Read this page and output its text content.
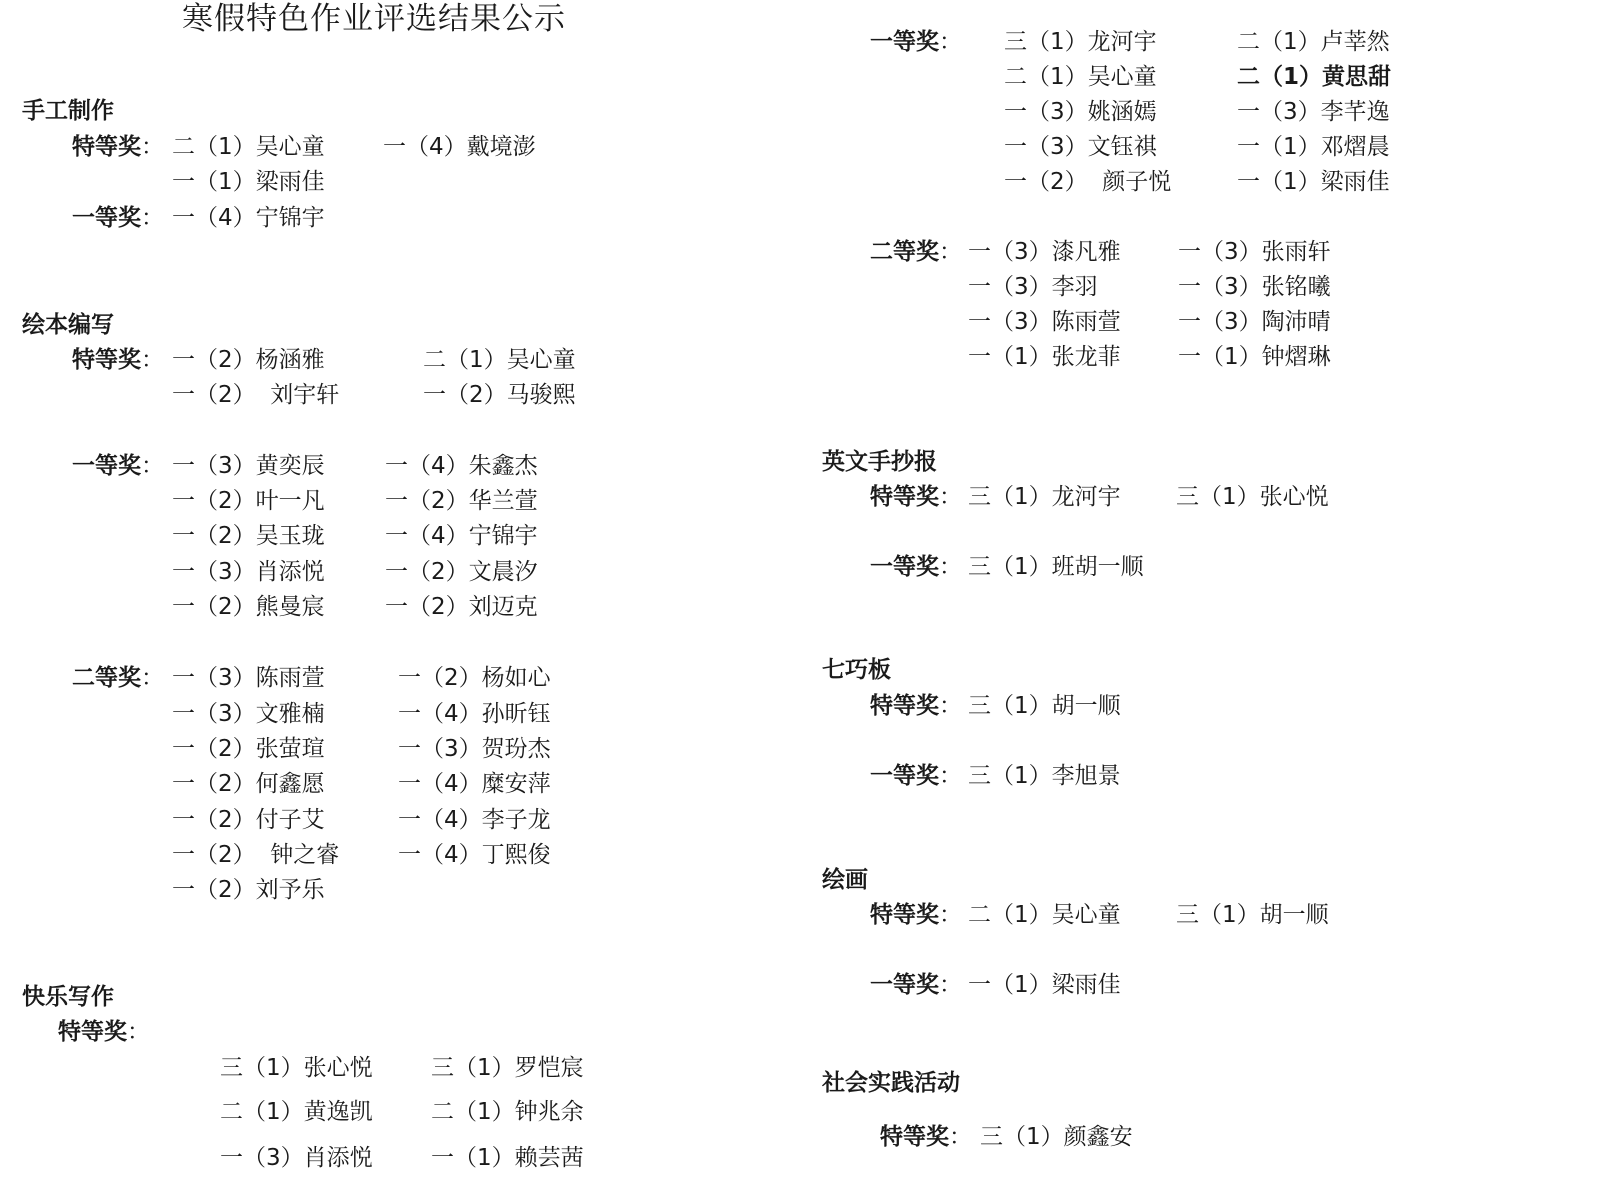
寒假特色作业评选结果公示
手工制作
特等奖： 二（1）吴心童	一（4）戴境澎
一（1）梁雨佳
一等奖： 一（4）宁锦宇
绘本编写
特等奖： 一（2）杨涵雅	二（1）吴心童
一（2）  刘宇轩	一（2）马骏熙
一等奖： 一（3）黄奕辰	一（4）朱鑫杰
一（2）叶一凡	一（2）华兰萱
一（2）吴玉珑	一（4）宁锦宇
一（3）肖添悦	一（2）文晨汐
一（2）熊曼宸	一（2）刘迈克
二等奖： 一（3）陈雨萱	一（2）杨如心
一（3）文雅楠	一（4）孙昕钰
一（2）张萤瑄	一（3）贺玢杰
一（2）何鑫愿	一（4）糜安萍
一（2）付子艾	一（4）李子龙
一（2）  钟之睿	一（4）丁熙俊
一（2）刘予乐
快乐写作
特等奖：
三（1）张心悦	三（1）罗恺宸
二（1）黄逸凯	二（1）钟兆余
一（3）肖添悦	一（1）赖芸茜
一等奖： 三（1）龙河宇	二（1）卢莘然
二（1）吴心童	二（1）黄思甜
一（3）姚涵嫣	一（3）李芊逸
一（3）文钰祺	一（1）邓熠晨
一（2）  颜子悦	一（1）梁雨佳
二等奖： 一（3）漆凡雅 一（3）张雨轩
一（3）李羽	一（3）张铭曦
一（3）陈雨萱 一（3）陶沛晴
一（1）张龙菲 一（1）钟熠琳
英文手抄报
特等奖： 三（1）龙河宇 三（1）张心悦
一等奖： 三（1）班胡一顺
七巧板
特等奖： 三（1）胡一顺
一等奖： 三（1）李旭景
绘画
特等奖： 二（1）吴心童 三（1）胡一顺
一等奖： 一（1）梁雨佳
社会实践活动
特等奖： 三（1）颜鑫安
